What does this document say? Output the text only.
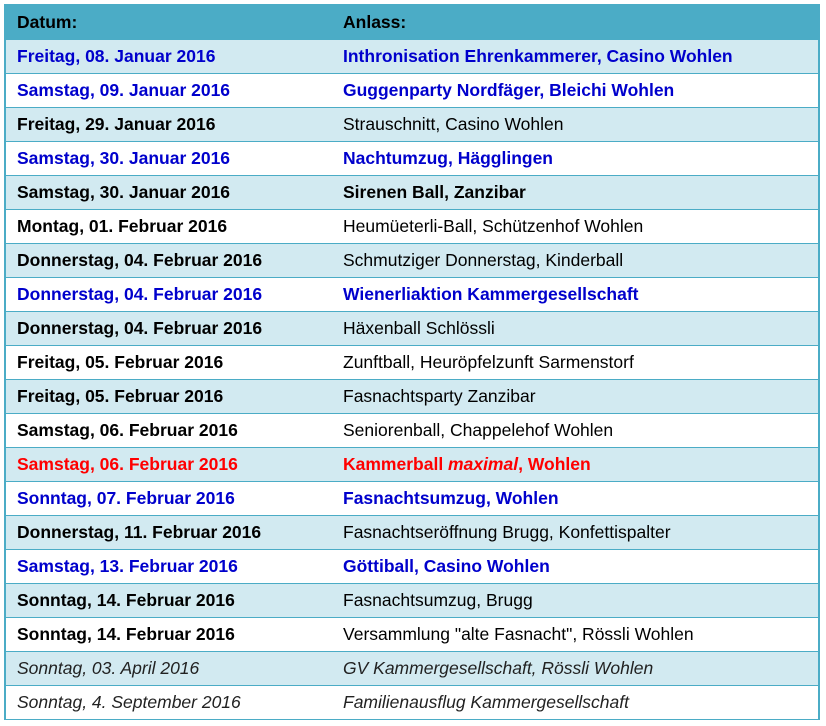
Datum:	Anlass:
Freitag, 08. Januar 2016	Inthronisation Ehrenkammerer, Casino Wohlen
Samstag, 09. Januar 2016	Guggenparty Nordfäger, Bleichi Wohlen
Freitag, 29. Januar 2016	Strauschnitt, Casino Wohlen
Samstag, 30. Januar 2016	Nachtumzug, Hägglingen
Samstag, 30. Januar 2016	Sirenen Ball, Zanzibar
Montag, 01. Februar 2016	Heumüeterli-Ball, Schützenhof Wohlen
Donnerstag, 04. Februar 2016	Schmutziger Donnerstag, Kinderball
Donnerstag, 04. Februar 2016	Wienerliaktion Kammergesellschaft
Donnerstag, 04. Februar 2016	Häxenball Schlössli
Freitag, 05. Februar 2016	Zunftball, Heuröpfelzunft Sarmenstorf
Freitag, 05. Februar 2016	Fasnachtsparty Zanzibar
Samstag, 06. Februar 2016	Seniorenball, Chappelehof Wohlen
Samstag, 06. Februar 2016	Kammerball maximal, Wohlen
Sonntag, 07. Februar 2016	Fasnachtsumzug, Wohlen
Donnerstag, 11. Februar 2016	Fasnachtseröffnung Brugg, Konfettispalter
Samstag, 13. Februar 2016	Göttiball, Casino Wohlen
Sonntag, 14. Februar 2016	Fasnachtsumzug, Brugg
Sonntag, 14. Februar 2016	Versammlung "alte Fasnacht", Rössli Wohlen
Sonntag, 03. April 2016	GV Kammergesellschaft, Rössli Wohlen
Sonntag, 4. September 2016	Familienausflug Kammergesellschaft
